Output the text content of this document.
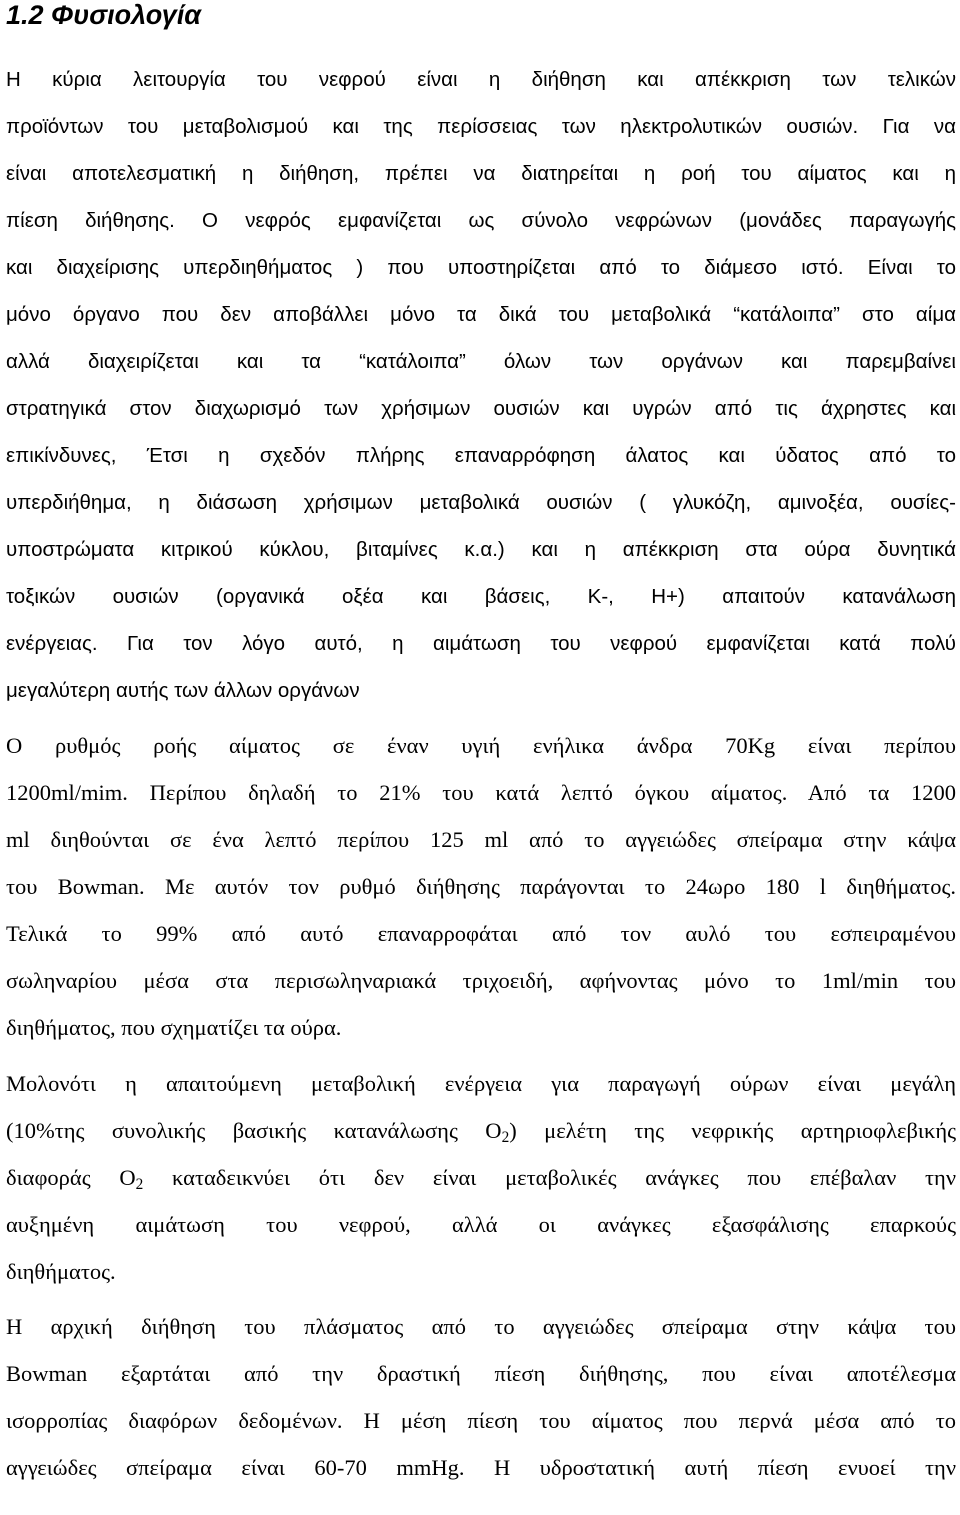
1.2 Φυσιολογία
Η κύρια λειτουργία του νεφρού είναι η διήθηση και απέκκριση των τελικών
προϊόντων του μεταβολισμού και της περίσσειας των ηλεκτρολυτικών ουσιών. Για να
είναι αποτελεσματική η διήθηση, πρέπει να διατηρείται η ροή του αίματος και η
πίεση διήθησης. Ο νεφρός εμφανίζεται ως σύνολο νεφρώνων (μονάδες παραγωγής
και διαχείρισης υπερδιηθήματος ) που υποστηρίζεται από το διάμεσο ιστό. Είναι το
μόνο όργανο που δεν αποβάλλει μόνο τα δικά του μεταβολικά “κατάλοιπα” στο αίμα
αλλά διαχειρίζεται και τα “κατάλοιπα” όλων των οργάνων και παρεμβαίνει
στρατηγικά στον διαχωρισμό των χρήσιμων ουσιών και υγρών από τις άχρηστες και
επικίνδυνες, Έτσι η σχεδόν πλήρης επαναρρόφηση άλατος και ύδατος από το
υπερδιήθημα, η διάσωση χρήσιμων μεταβολικά ουσιών ( γλυκόζη, αμινοξέα, ουσίες-
υποστρώματα κιτρικού κύκλου, βιταμίνες κ.α.) και η απέκκριση στα ούρα δυνητικά
τοξικών ουσιών (οργανικά οξέα και βάσεις, K-, H+) απαιτούν κατανάλωση
ενέργειας. Για τον λόγο αυτό, η αιμάτωση του νεφρού εμφανίζεται κατά πολύ
μεγαλύτερη αυτής των άλλων οργάνων
Ο ρυθμός ροής αίματος σε έναν υγιή ενήλικα άνδρα 70Kg είναι περίπου
1200ml/mim. Περίπου δηλαδή το 21% του κατά λεπτό όγκου αίματος. Από τα 1200
ml διηθούνται σε ένα λεπτό περίπου 125 ml από το αγγειώδες σπείραμα στην κάψα
του Bowman. Με αυτόν τον ρυθμό διήθησης παράγονται το 24ωρο 180 l διηθήματος.
Τελικά το 99% από αυτό επαναρροφάται από τον αυλό του εσπειραμένου
σωληναρίου μέσα στα περισωληναριακά τριχοειδή, αφήνοντας μόνο το 1ml/min του
διηθήματος, που σχηματίζει τα ούρα.
Μολονότι η απαιτούμενη μεταβολική ενέργεια για παραγωγή ούρων είναι μεγάλη
(10%της συνολικής βασικής κατανάλωσης $O_2$) μελέτη της νεφρικής αρτηριοφλεβικής
διαφοράς $O_2$ καταδεικνύει ότι δεν είναι μεταβολικές ανάγκες που επέβαλαν την
αυξημένη αιμάτωση του νεφρού, αλλά οι ανάγκες εξασφάλισης επαρκούς
διηθήματος.
Η αρχική διήθηση του πλάσματος από το αγγειώδες σπείραμα στην κάψα του
Bowman εξαρτάται από την δραστική πίεση διήθησης, που είναι αποτέλεσμα
ισορροπίας διαφόρων δεδομένων. Η μέση πίεση του αίματος που περνά μέσα από το
αγγειώδες σπείραμα είναι 60-70 mmHg. Η υδροστατική αυτή πίεση ενυοεί την
